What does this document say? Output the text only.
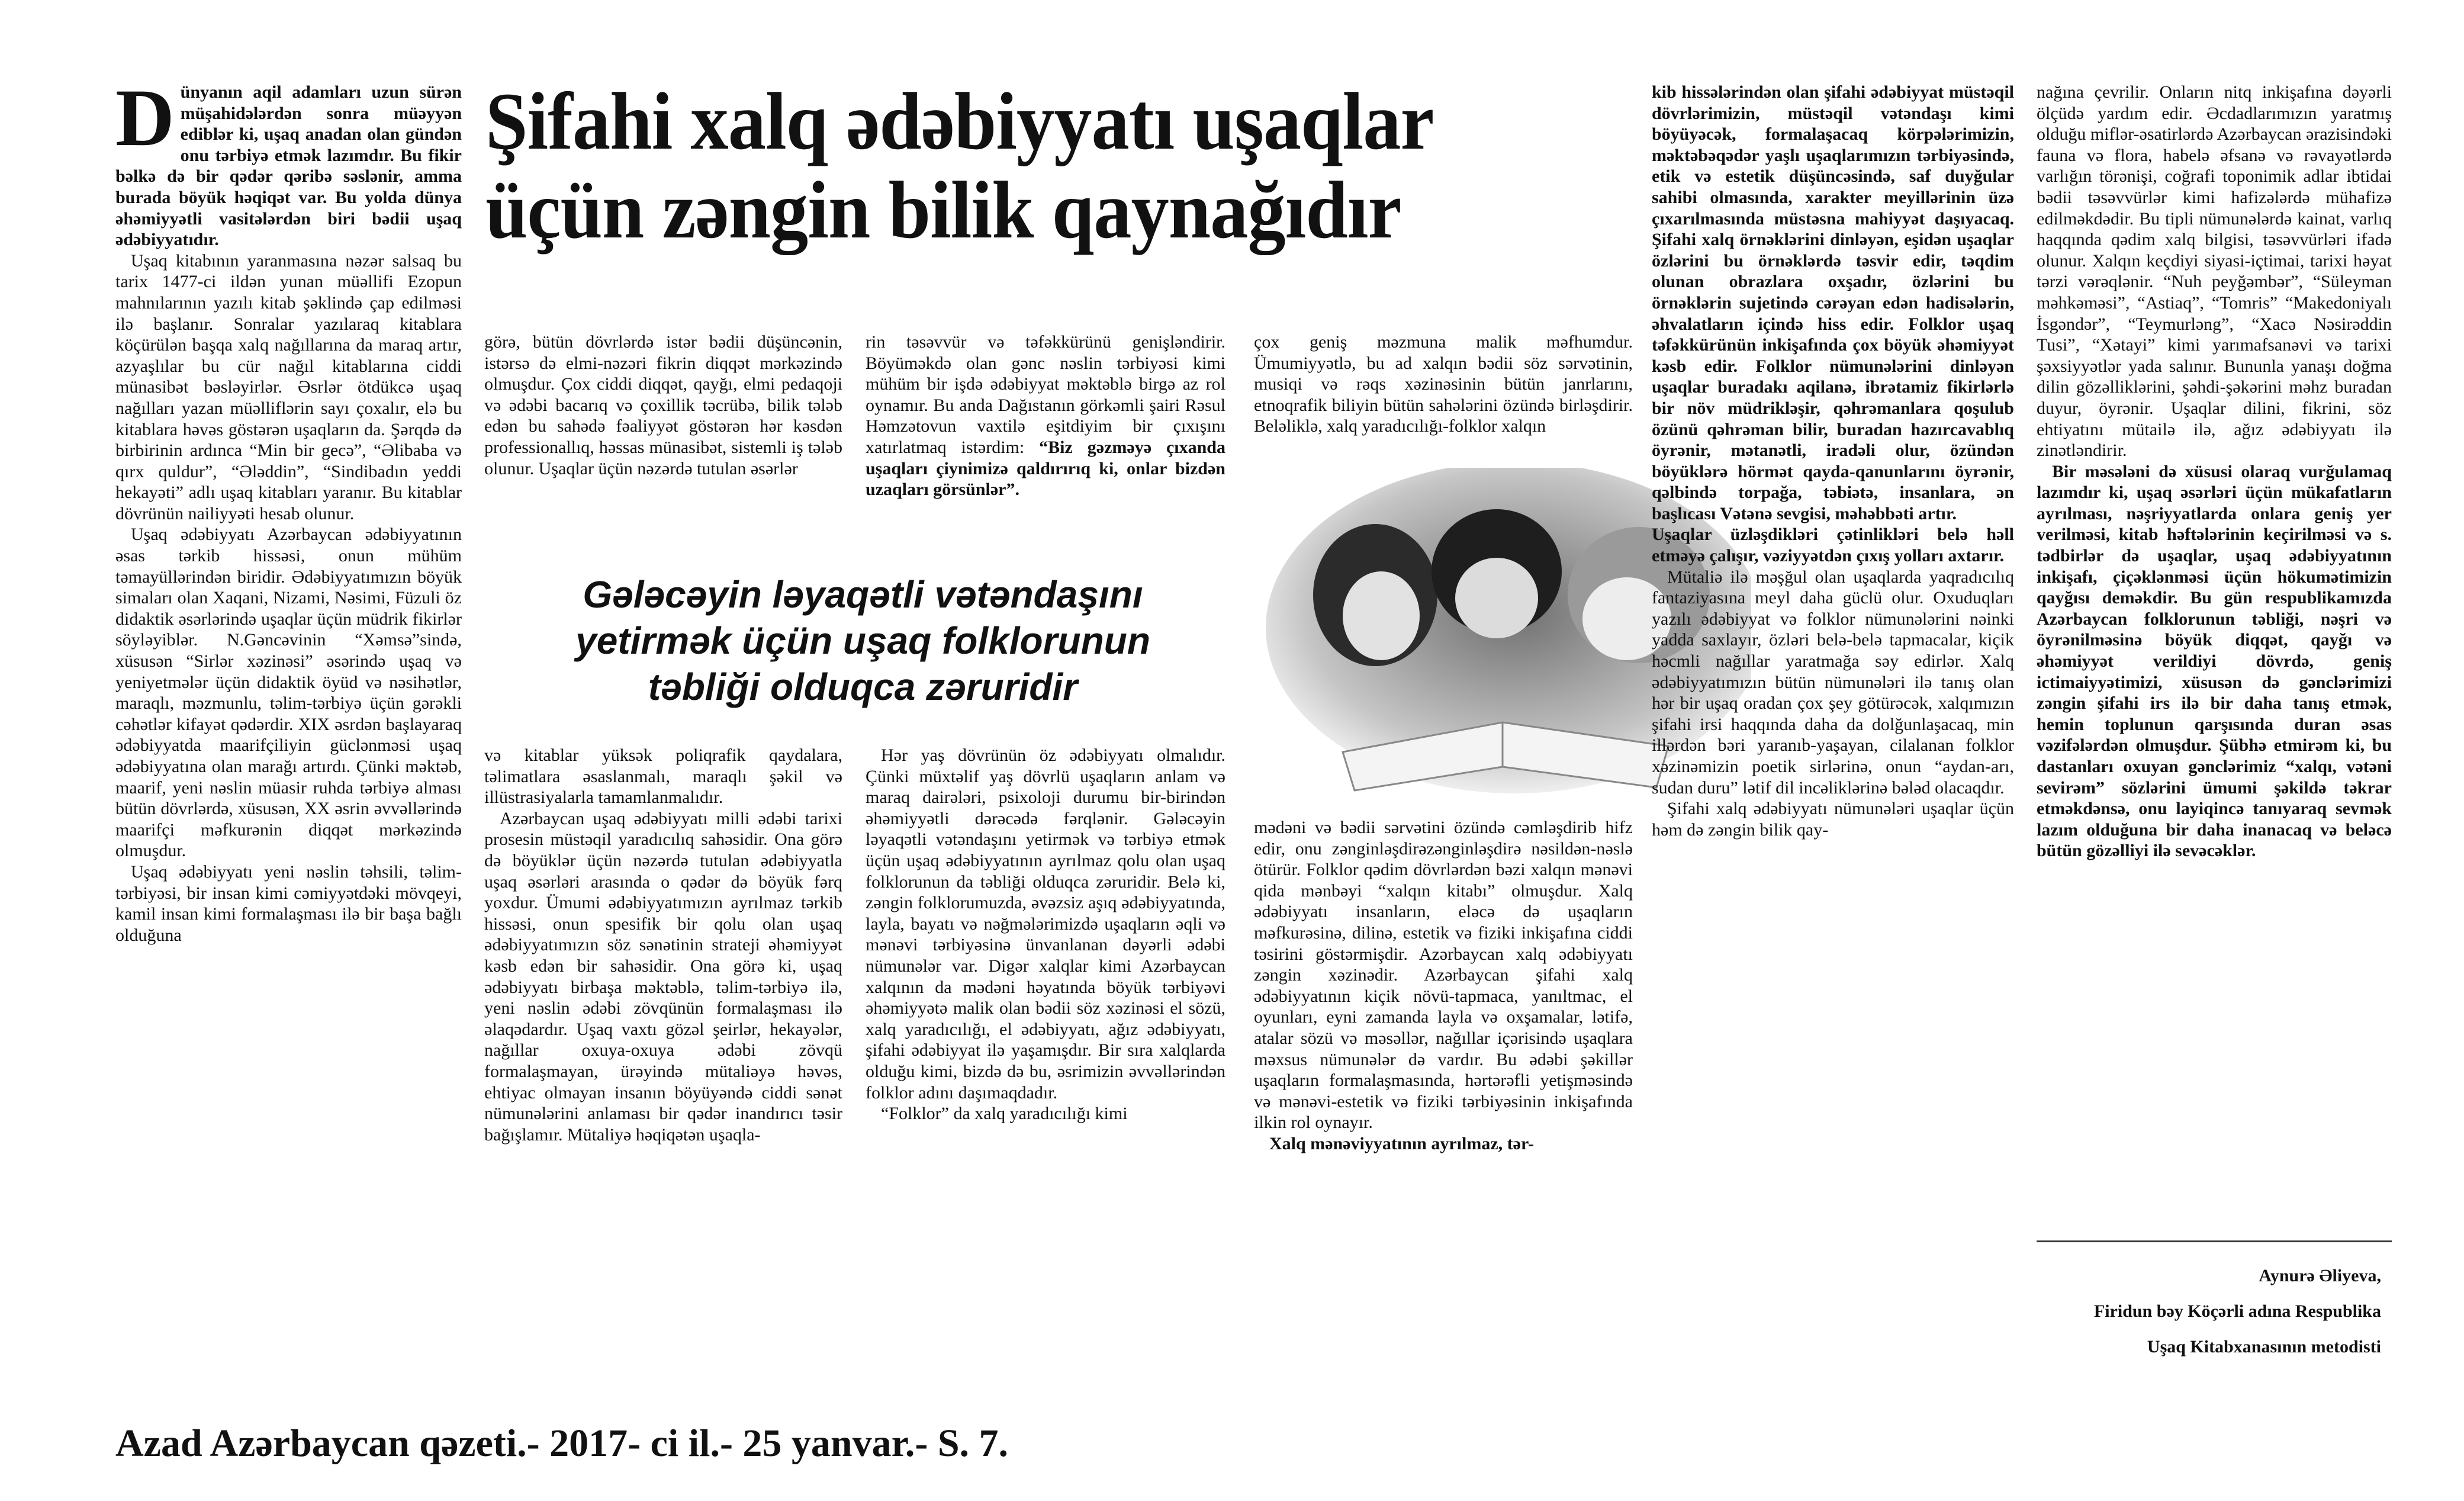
Şifahi xalq ədəbiyyatı uşaqlar
üçün zəngin bilik qaynağıdır

Dünyanın aqil adamları uzun sürən müşahidələrdən sonra müəyyən ediblər ki, uşaq anadan olan gündən onu tərbiyə etmək lazımdır. Bu fikir bəlkə də bir qədər qəribə səslənir, amma burada böyük həqiqət var. Bu yolda dünya əhəmiyyətli vasitələrdən biri bədii uşaq ədəbiyyatıdır.

Uşaq kitabının yaranmasına nəzər salsaq bu tarix 1477-ci ildən yunan müəllifi Ezopun mahnılarının yazılı kitab şəklində çap edilməsi ilə başlanır. Sonralar yazılaraq kitablara köçürülən başqa xalq nağıllarına da maraq artır, azyaşlılar bu cür nağıl kitablarına ciddi münasibət bəsləyirlər. Əsrlər ötdükcə uşaq nağılları yazan müəlliflərin sayı çoxalır, elə bu kitablara həvəs göstərən uşaqların da. Şərqdə də birbirinin ardınca “Min bir gecə”, “Əlibaba və qırx quldur”, “Ələddin”, “Sindibadın yeddi hekayəti” adlı uşaq kitabları yaranır. Bu kitablar dövrünün nailiyyəti hesab olunur.

Uşaq ədəbiyyatı Azərbaycan ədəbiyyatının əsas tərkib hissəsi, onun mühüm təmayüllərindən biridir. Ədəbiyyatımızın böyük simaları olan Xaqani, Nizami, Nəsimi, Füzuli öz didaktik əsərlərində uşaqlar üçün müdrik fikirlər söyləyiblər. N.Gəncəvinin “Xəmsə”sində, xüsusən “Sirlər xəzinəsi” əsərində uşaq və yeniyetmələr üçün didaktik öyüd və nəsihətlər, maraqlı, məzmunlu, təlim-tərbiyə üçün gərəkli cəhətlər kifayət qədərdir. XIX əsrdən başlayaraq ədəbiyyatda maarifçiliyin güclənməsi uşaq ədəbiyyatına olan marağı artırdı. Çünki məktəb, maarif, yeni nəslin müasir ruhda tərbiyə alması bütün dövrlərdə, xüsusən, XX əsrin əvvəllərində maarifçi məfkurənin diqqət mərkəzində olmuşdur.

Uşaq ədəbiyyatı yeni nəslin təhsili, təlim-tərbiyəsi, bir insan kimi cəmiyyətdəki mövqeyi, kamil insan kimi formalaşması ilə bir başa bağlı olduğuna

görə, bütün dövrlərdə istər bədii düşüncənin, istərsə də elmi-nəzəri fikrin diqqət mərkəzində olmuşdur. Çox ciddi diqqət, qayğı, elmi pedaqoji və ədəbi bacarıq və çoxillik təcrübə, bilik tələb edən bu sahədə fəaliyyət göstərən hər kəsdən professionallıq, həssas münasibət, sistemli iş tələb olunur. Uşaqlar üçün nəzərdə tutulan əsərlər

rin təsəvvür və təfəkkürünü genişləndirir. Böyüməkdə olan gənc nəslin tərbiyəsi kimi mühüm bir işdə ədəbiyyat məktəblə birgə az rol oynamır. Bu anda Dağıstanın görkəmli şairi Rəsul Həmzətovun vaxtilə eşitdiyim bir çıxışını xatırlatmaq istərdim: “Biz gəzməyə çıxanda uşaqları çiynimizə qaldırırıq ki, onlar bizdən uzaqları görsünlər”.

çox geniş məzmuna malik məfhumdur. Ümumiyyətlə, bu ad xalqın bədii söz sərvətinin, musiqi və rəqs xəzinəsinin bütün janrlarını, etnoqrafik biliyin bütün sahələrini özündə birləşdirir. Beləliklə, xalq yaradıcılığı-folklor xalqın

Gələcəyin ləyaqətli vətəndaşını
yetirmək üçün uşaq folklorunun
təbliği olduqca zəruridir

və kitablar yüksək poliqrafik qaydalara, təlimatlara əsaslanmalı, maraqlı şəkil və illüstrasiyalarla tamamlanmalıdır.

Azərbaycan uşaq ədəbiyyatı milli ədəbi tarixi prosesin müstəqil yaradıcılıq sahəsidir. Ona görə də böyüklər üçün nəzərdə tutulan ədəbiyyatla uşaq əsərləri arasında o qədər də böyük fərq yoxdur. Ümumi ədəbiyyatımızın ayrılmaz tərkib hissəsi, onun spesifik bir qolu olan uşaq ədəbiyyatımızın söz sənətinin strateji əhəmiyyət kəsb edən bir sahəsidir. Ona görə ki, uşaq ədəbiyyatı birbaşa məktəblə, təlim-tərbiyə ilə, yeni nəslin ədəbi zövqünün formalaşması ilə əlaqədardır. Uşaq vaxtı gözəl şeirlər, hekayələr, nağıllar oxuya-oxuya ədəbi zövqü formalaşmayan, ürəyində mütaliəyə həvəs, ehtiyac olmayan insanın böyüyəndə ciddi sənət nümunələrini anlaması bir qədər inandırıcı təsir bağışlamır. Mütaliyə həqiqətən uşaqla-

Hər yaş dövrünün öz ədəbiyyatı olmalıdır. Çünki müxtəlif yaş dövrlü uşaqların anlam və maraq dairələri, psixoloji durumu bir-birindən əhəmiyyətli dərəcədə fərqlənir. Gələcəyin ləyaqətli vətəndaşını yetirmək və tərbiyə etmək üçün uşaq ədəbiyyatının ayrılmaz qolu olan uşaq folklorunun da təbliği olduqca zəruridir. Belə ki, zəngin folklorumuzda, əvəzsiz aşıq ədəbiyyatında, layla, bayatı və nəğmələrimizdə uşaqların əqli və mənəvi tərbiyəsinə ünvanlanan dəyərli ədəbi nümunələr var. Digər xalqlar kimi Azərbaycan xalqının da mədəni həyatında böyük tərbiyəvi əhəmiyyətə malik olan bədii söz xəzinəsi el sözü, xalq yaradıcılığı, el ədəbiyyatı, ağız ədəbiyyatı, şifahi ədəbiyyat ilə yaşamışdır. Bir sıra xalqlarda olduğu kimi, bizdə də bu, əsrimizin əvvəllərindən folklor adını daşımaqdadır.

“Folklor” da xalq yaradıcılığı kimi

mədəni və bədii sərvətini özündə cəmləşdirib hifz edir, onu zənginləşdirəzənginləşdirə nəsildən-nəslə ötürür. Folklor qədim dövrlərdən bəzi xalqın mənəvi qida mənbəyi “xalqın kitabı” olmuşdur. Xalq ədəbiyyatı insanların, eləcə də uşaqların məfkurəsinə, dilinə, estetik və fiziki inkişafına ciddi təsirini göstərmişdir. Azərbaycan xalq ədəbiyyatı zəngin xəzinədir. Azərbaycan şifahi xalq ədəbiyyatının kiçik növü-tapmaca, yanıltmac, el oyunları, eyni zamanda layla və oxşamalar, lətifə, atalar sözü və məsəllər, nağıllar içərisində uşaqlara məxsus nümunələr də vardır. Bu ədəbi şəkillər uşaqların formalaşmasında, hərtərəfli yetişməsində və mənəvi-estetik və fiziki tərbiyəsinin inkişafında ilkin rol oynayır.

Xalq mənəviyyatının ayrılmaz, tər-

kib hissələrindən olan şifahi ədəbiyyat müstəqil dövrlərimizin, müstəqil vətəndaşı kimi böyüyəcək, formalaşacaq körpələrimizin, məktəbəqədər yaşlı uşaqlarımızın tərbiyəsində, etik və estetik düşüncəsində, saf duyğular sahibi olmasında, xarakter meyillərinin üzə çıxarılmasında müstəsna mahiyyət daşıyacaq. Şifahi xalq örnəklərini dinləyən, eşidən uşaqlar özlərini bu örnəklərdə təsvir edir, təqdim olunan obrazlara oxşadır, özlərini bu örnəklərin sujetində cərəyan edən hadisələrin, əhvalatların içində hiss edir. Folklor uşaq təfəkkürünün inkişafında çox böyük əhəmiyyət kəsb edir. Folklor nümunələrini dinləyən uşaqlar buradakı aqilanə, ibrətamiz fikirlərlə bir növ müdrikləşir, qəhrəmanlara qoşulub özünü qəhrəman bilir, buradan hazırcavablıq öyrənir, mətanətli, iradəli olur, özündən böyüklərə hörmət qayda-qanunlarını öyrənir, qəlbində torpağa, təbiətə, insanlara, ən başlıcası Vətənə sevgisi, məhəbbəti artır.

Uşaqlar üzləşdikləri çətinlikləri belə həll etməyə çalışır, vəziyyətdən çıxış yolları axtarır.

Mütaliə ilə məşğul olan uşaqlarda yaqradıcılıq fantaziyasına meyl daha güclü olur. Oxuduqları yazılı ədəbiyyat və folklor nümunələrini nəinki yadda saxlayır, özləri belə-belə tapmacalar, kiçik həcmli nağıllar yaratmağa səy edirlər. Xalq ədəbiyyatımızın bütün nümunələri ilə tanış olan hər bir uşaq oradan çox şey götürəcək, xalqımızın şifahi irsi haqqında daha da dolğunlaşacaq, min illərdən bəri yaranıb-yaşayan, cilalanan folklor xəzinəmizin poetik sirlərinə, onun “aydan-arı, sudan duru” lətif dil incəliklərinə bələd olacaqdır.

Şifahi xalq ədəbiyyatı nümunələri uşaqlar üçün həm də zəngin bilik qay-

nağına çevrilir. Onların nitq inkişafına dəyərli ölçüdə yardım edir. Əcdadlarımızın yaratmış olduğu miflər-əsatirlərdə Azərbaycan ərazisindəki fauna və flora, habelə əfsanə və rəvayətlərdə varlığın törənişi, coğrafi toponimik adlar ibtidai bədii təsəvvürlər kimi hafizələrdə mühafizə edilməkdədir. Bu tipli nümunələrdə kainat, varlıq haqqında qədim xalq bilgisi, təsəvvürləri ifadə olunur. Xalqın keçdiyi siyasi-içtimai, tarixi həyat tərzi vərəqlənir. “Nuh peyğəmbər”, “Süleyman məhkəməsi”, “Astiaq”, “Tomris” “Makedoniyalı İsgəndər”, “Teymurləng”, “Xacə Nəsirəddin Tusi”, “Xətayi” kimi yarımafsanəvi və tarixi şəxsiyyətlər yada salınır. Bununla yanaşı doğma dilin gözəlliklərini, şəhdi-şəkərini məhz buradan duyur, öyrənir. Uşaqlar dilini, fikrini, söz ehtiyatını mütailə ilə, ağız ədəbiyyatı ilə zinətləndirir.

Bir məsələni də xüsusi olaraq vurğulamaq lazımdır ki, uşaq əsərləri üçün mükafatların ayrılması, nəşriyyatlarda onlara geniş yer verilməsi, kitab həftələrinin keçirilməsi və s. tədbirlər də uşaqlar, uşaq ədəbiyyatının inkişafı, çiçəklənməsi üçün hökumətimizin qayğısı deməkdir. Bu gün respublikamızda Azərbaycan folklorunun təbliği, nəşri və öyrənilməsinə böyük diqqət, qayğı və əhəmiyyət verildiyi dövrdə, geniş ictimaiyyətimizi, xüsusən də gənclərimizi zəngin şifahi irs ilə bir daha tanış etmək, hemin toplunun qarşısında duran əsas vəzifələrdən olmuşdur. Şübhə etmirəm ki, bu dastanları oxuyan gənclərimiz “xalqı, vətəni sevirəm” sözlərini ümumi şəkildə təkrar etməkdənsə, onu layiqincə tanıyaraq sevmək lazım olduğuna bir daha inanacaq və beləcə bütün gözəlliyi ilə sevəcəklər.

Aynurə Əliyeva,
Firidun bəy Köçərli adına Respublika
Uşaq Kitabxanasının metodisti
Azad Azərbaycan qəzeti.- 2017- ci il.- 25 yanvar.- S. 7.
